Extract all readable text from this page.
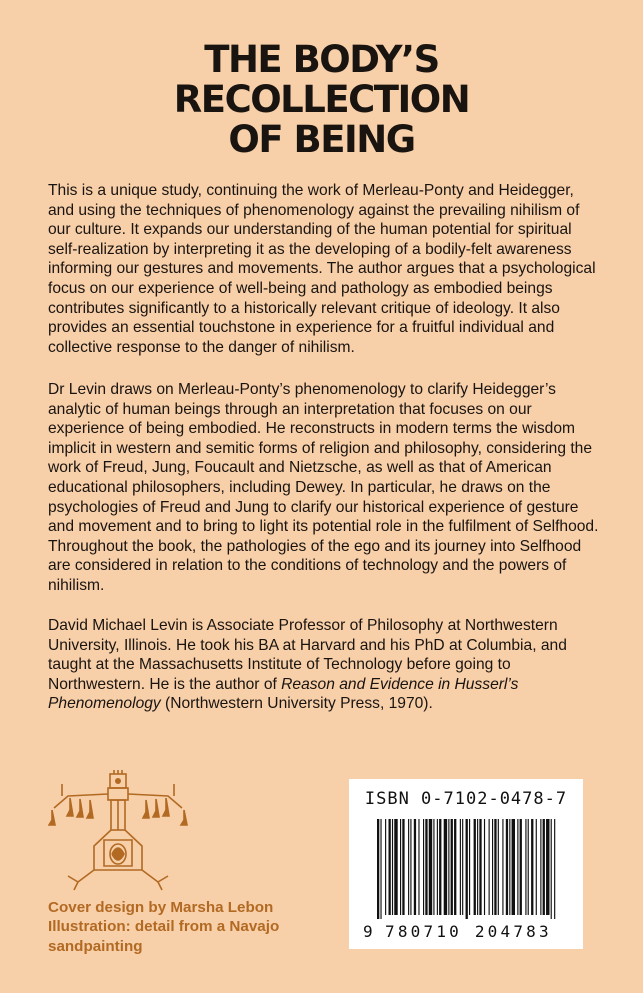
THE BODY’S
RECOLLECTION
OF BEING

This is a unique study, continuing the work of Merleau-Ponty and Heidegger, and using the techniques of phenomenology against the prevailing nihilism of our culture. It expands our understanding of the human potential for spiritual self-realization by interpreting it as the developing of a bodily-felt awareness informing our gestures and movements. The author argues that a psychological focus on our experience of well-being and pathology as embodied beings contributes significantly to a historically relevant critique of ideology. It also provides an essential touchstone in experience for a fruitful individual and collective response to the danger of nihilism.

Dr Levin draws on Merleau-Ponty’s phenomenology to clarify Heidegger’s analytic of human beings through an interpretation that focuses on our experience of being embodied. He reconstructs in modern terms the wisdom implicit in western and semitic forms of religion and philosophy, considering the work of Freud, Jung, Foucault and Nietzsche, as well as that of American educational philosophers, including Dewey. In particular, he draws on the psychologies of Freud and Jung to clarify our historical experience of gesture and movement and to bring to light its potential role in the fulfilment of Selfhood. Throughout the book, the pathologies of the ego and its journey into Selfhood are considered in relation to the conditions of technology and the powers of nihilism.

David Michael Levin is Associate Professor of Philosophy at Northwestern University, Illinois. He took his BA at Harvard and his PhD at Columbia, and taught at the Massachusetts Institute of Technology before going to Northwestern. He is the author of Reason and Evidence in Husserl’s Phenomenology (Northwestern University Press, 1970).

Cover design by Marsha Lebon
Illustration: detail from a Navajo
sandpainting
ISBN 0-7102-0478-7
9 780710 204783
